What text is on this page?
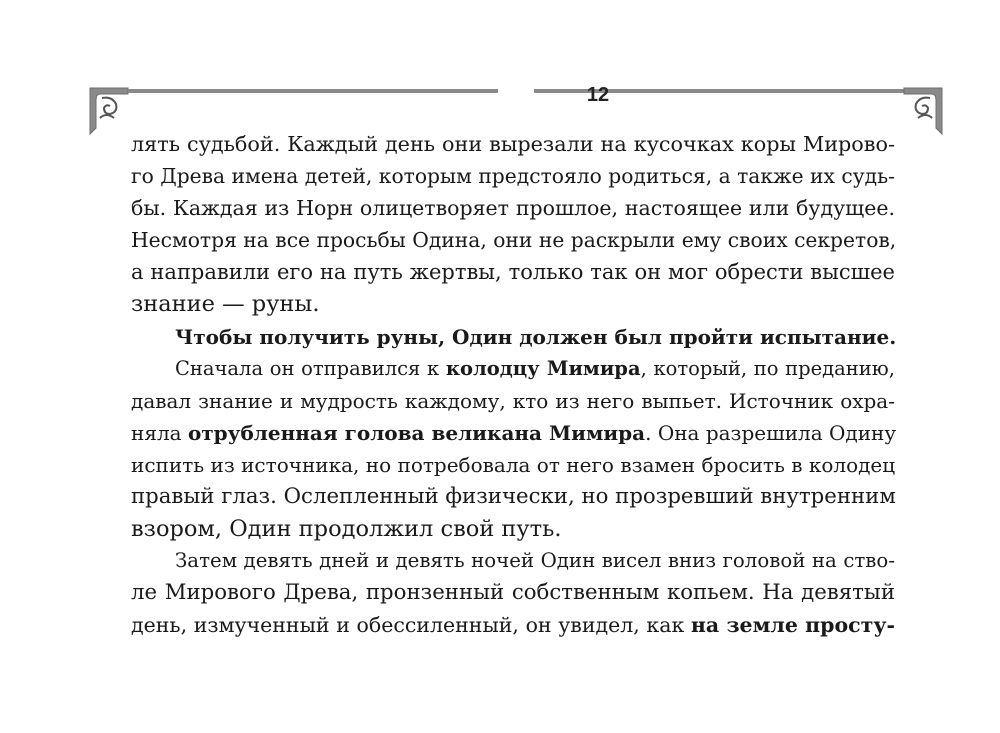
12
лять судьбой. Каждый день они вырезали на кусочках коры Мирово-
го Древа имена детей, которым предстояло родиться, а также их судь-
бы. Каждая из Норн олицетворяет прошлое, настоящее или будущее.
Несмотря на все просьбы Одина, они не раскрыли ему своих секретов,
а направили его на путь жертвы, только так он мог обрести высшее
знание — руны.
Чтобы получить руны, Один должен был пройти испытание.
Сначала он отправился к колодцу Мимира, который, по преданию,
давал знание и мудрость каждому, кто из него выпьет. Источник охра-
няла отрубленная голова великана Мимира. Она разрешила Одину
испить из источника, но потребовала от него взамен бросить в колодец
правый глаз. Ослепленный физически, но прозревший внутренним
взором, Один продолжил свой путь.
Затем девять дней и девять ночей Один висел вниз головой на ство-
ле Мирового Древа, пронзенный собственным копьем. На девятый
день, измученный и обессиленный, он увидел, как на земле просту-
